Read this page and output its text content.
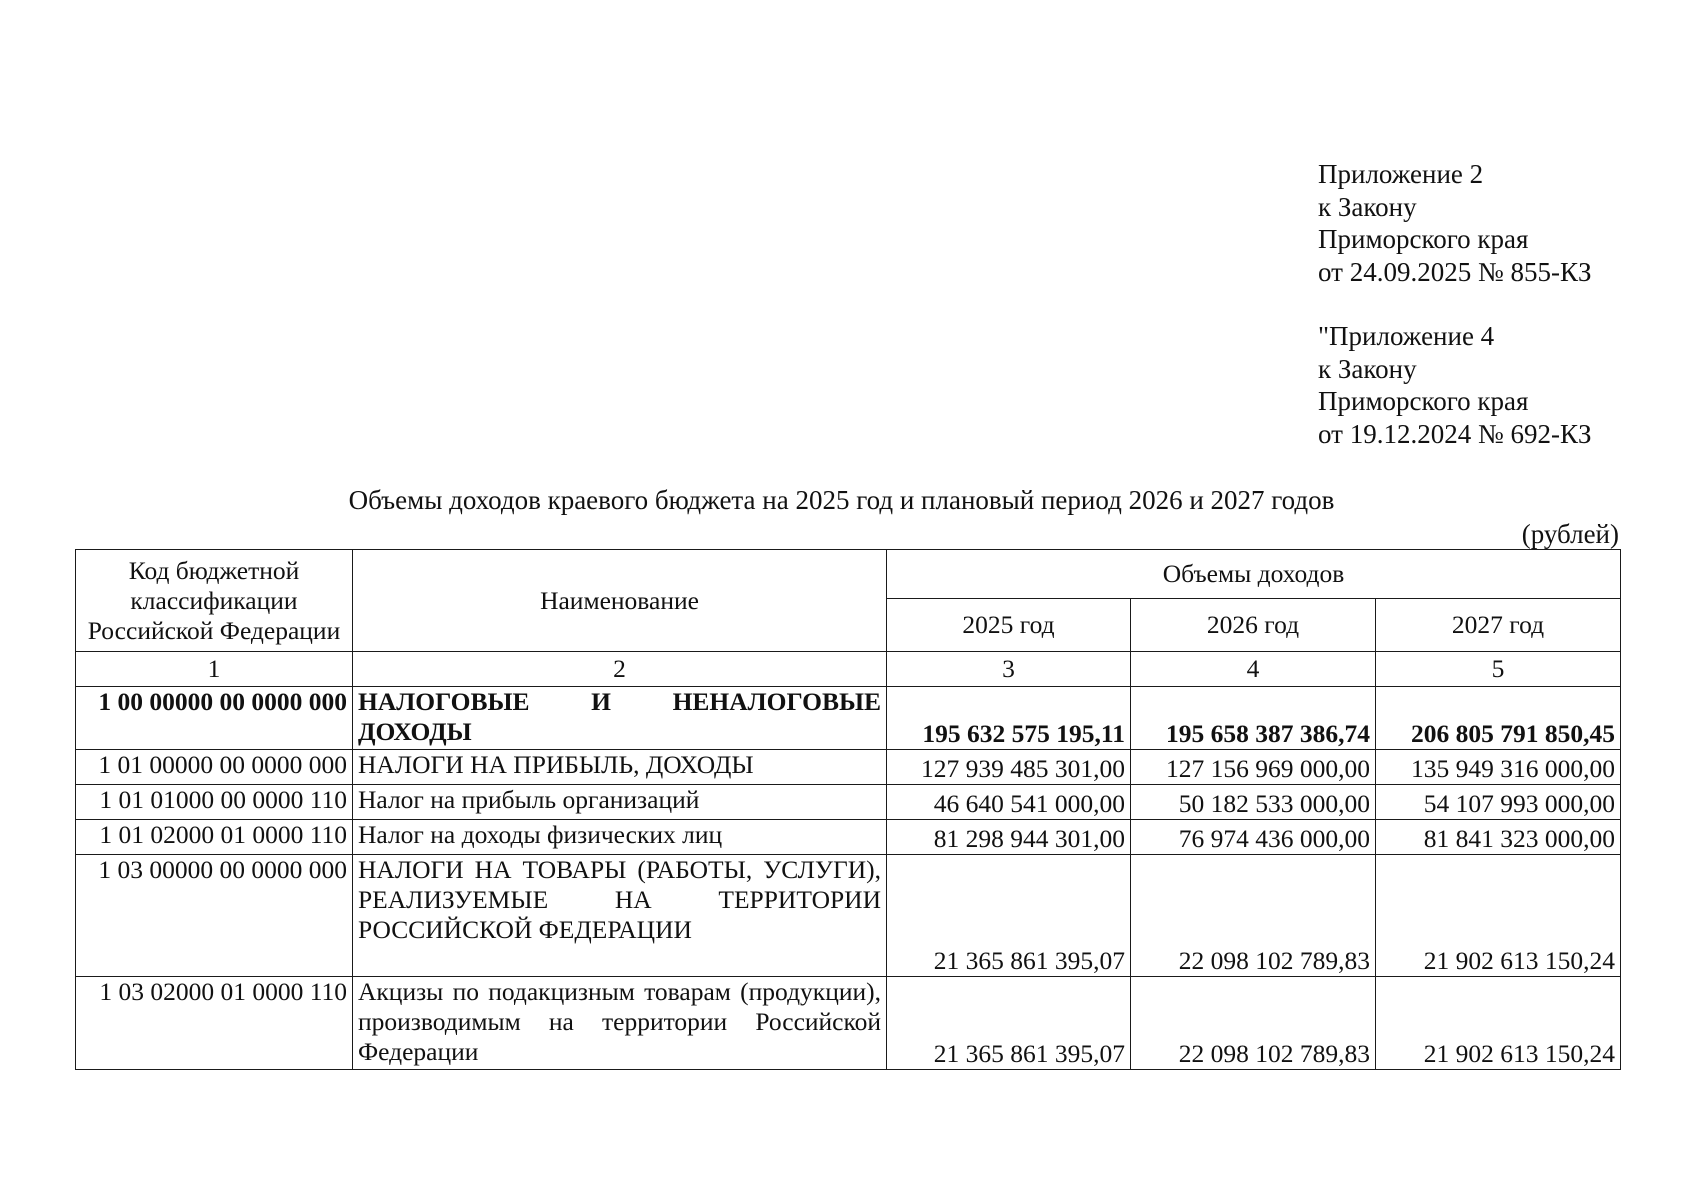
Приложение 2
к Закону
Приморского края
от 24.09.2025 № 855-КЗ
"Приложение 4
к Закону
Приморского края
от 19.12.2024 № 692-КЗ
Объемы доходов краевого бюджета на 2025 год и плановый период 2026 и 2027 годов
(рублей)
Код бюджетной классификации Российской Федерации	Наименование	Объемы доходов		
		2025 год	2026 год	2027 год
1	2	3	4	5
1 00 00000 00 0000 000	НАЛОГОВЫЕ И НЕНАЛОГОВЫЕ ДОХОДЫ	195 632 575 195,11	195 658 387 386,74	206 805 791 850,45
1 01 00000 00 0000 000	НАЛОГИ НА ПРИБЫЛЬ, ДОХОДЫ	127 939 485 301,00	127 156 969 000,00	135 949 316 000,00
1 01 01000 00 0000 110	Налог на прибыль организаций	46 640 541 000,00	50 182 533 000,00	54 107 993 000,00
1 01 02000 01 0000 110	Налог на доходы физических лиц	81 298 944 301,00	76 974 436 000,00	81 841 323 000,00
1 03 00000 00 0000 000	НАЛОГИ НА ТОВАРЫ (РАБОТЫ, УСЛУГИ), РЕАЛИЗУЕМЫЕ НА ТЕРРИТОРИИ РОССИЙСКОЙ ФЕДЕРАЦИИ	21 365 861 395,07	22 098 102 789,83	21 902 613 150,24
1 03 02000 01 0000 110	Акцизы по подакцизным товарам (продукции), производимым на территории Российской Федерации	21 365 861 395,07	22 098 102 789,83	21 902 613 150,24
